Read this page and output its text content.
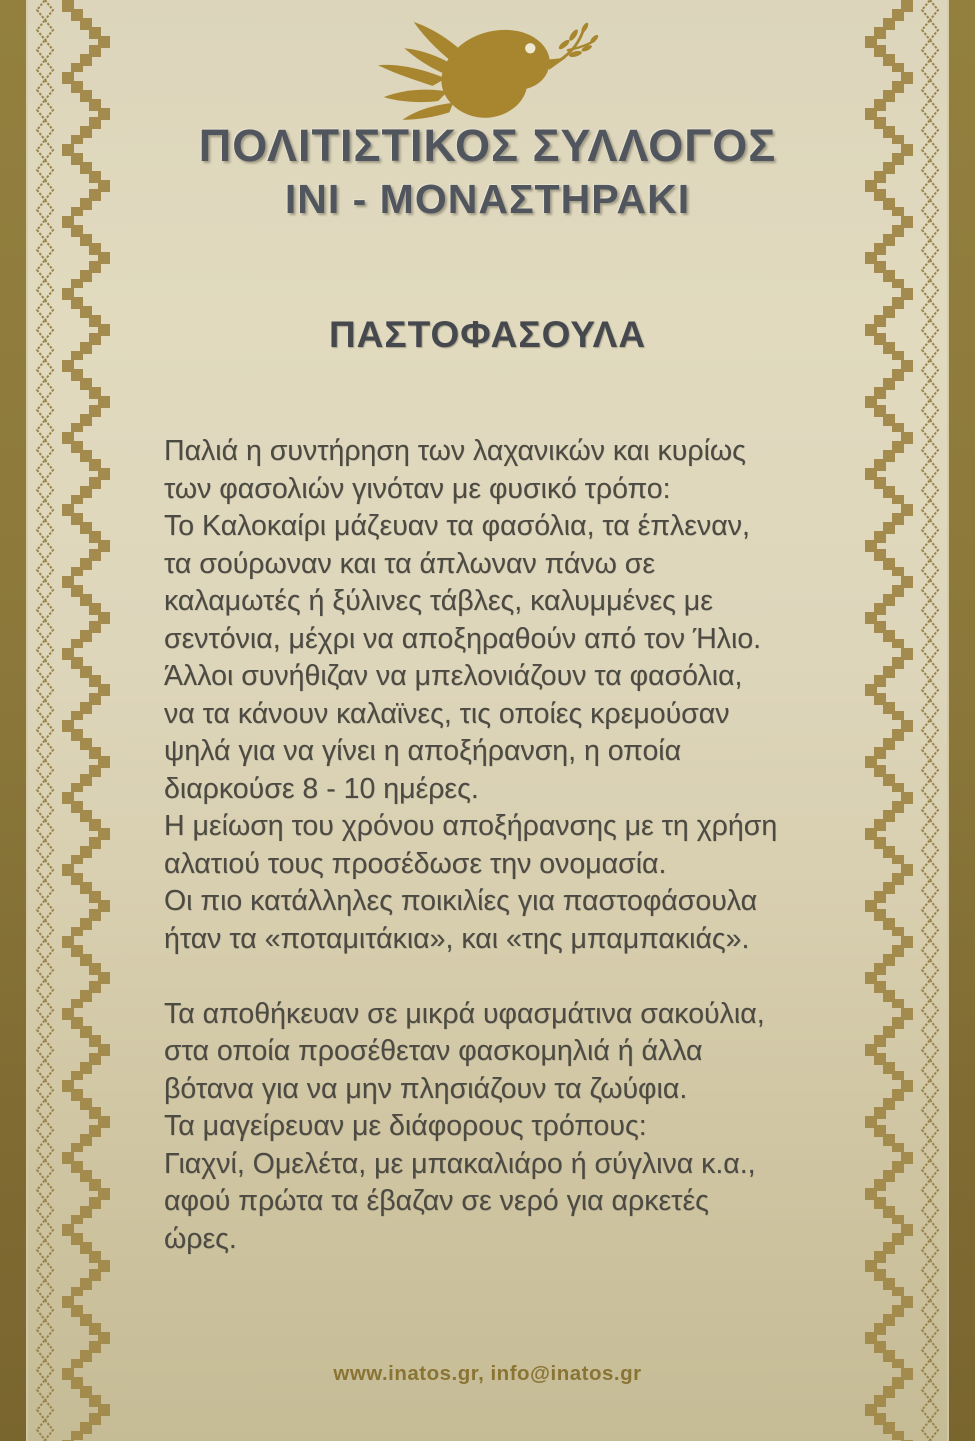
ΠΟΛΙΤΙΣΤΙΚΟΣ ΣΥΛΛΟΓΟΣ
ΙΝΙ - ΜΟΝΑΣΤΗΡΑΚΙ
ΠΑΣΤΟΦΑΣΟΥΛΑ
Παλιά η συντήρηση των λαχανικών και κυρίως
των φασολιών γινόταν με φυσικό τρόπο:
Το Καλοκαίρι μάζευαν τα φασόλια, τα έπλεναν,
τα σούρωναν και τα άπλωναν πάνω σε
καλαμωτές ή ξύλινες τάβλες, καλυμμένες με
σεντόνια, μέχρι να αποξηραθούν από τον Ήλιο.
Άλλοι συνήθιζαν να μπελονιάζουν τα φασόλια,
να τα κάνουν καλαϊνες, τις οποίες κρεμούσαν
ψηλά για να γίνει η αποξήρανση, η οποία
διαρκούσε 8 - 10 ημέρες.
Η μείωση του χρόνου αποξήρανσης με τη χρήση
αλατιού τους προσέδωσε την ονομασία.
Οι πιο κατάλληλες ποικιλίες για παστοφάσουλα
ήταν τα «ποταμιτάκια», και «της μπαμπακιάς».
Τα αποθήκευαν σε μικρά υφασμάτινα σακούλια,
στα οποία προσέθεταν φασκομηλιά ή άλλα
βότανα για να μην πλησιάζουν τα ζωύφια.
Τα μαγείρευαν με διάφορους τρόπους:
Γιαχνί, Ομελέτα, με μπακαλιάρο ή σύγλινα κ.α.,
αφού πρώτα τα έβαζαν σε νερό για αρκετές
ώρες.

www.inatos.gr, info@inatos.gr
